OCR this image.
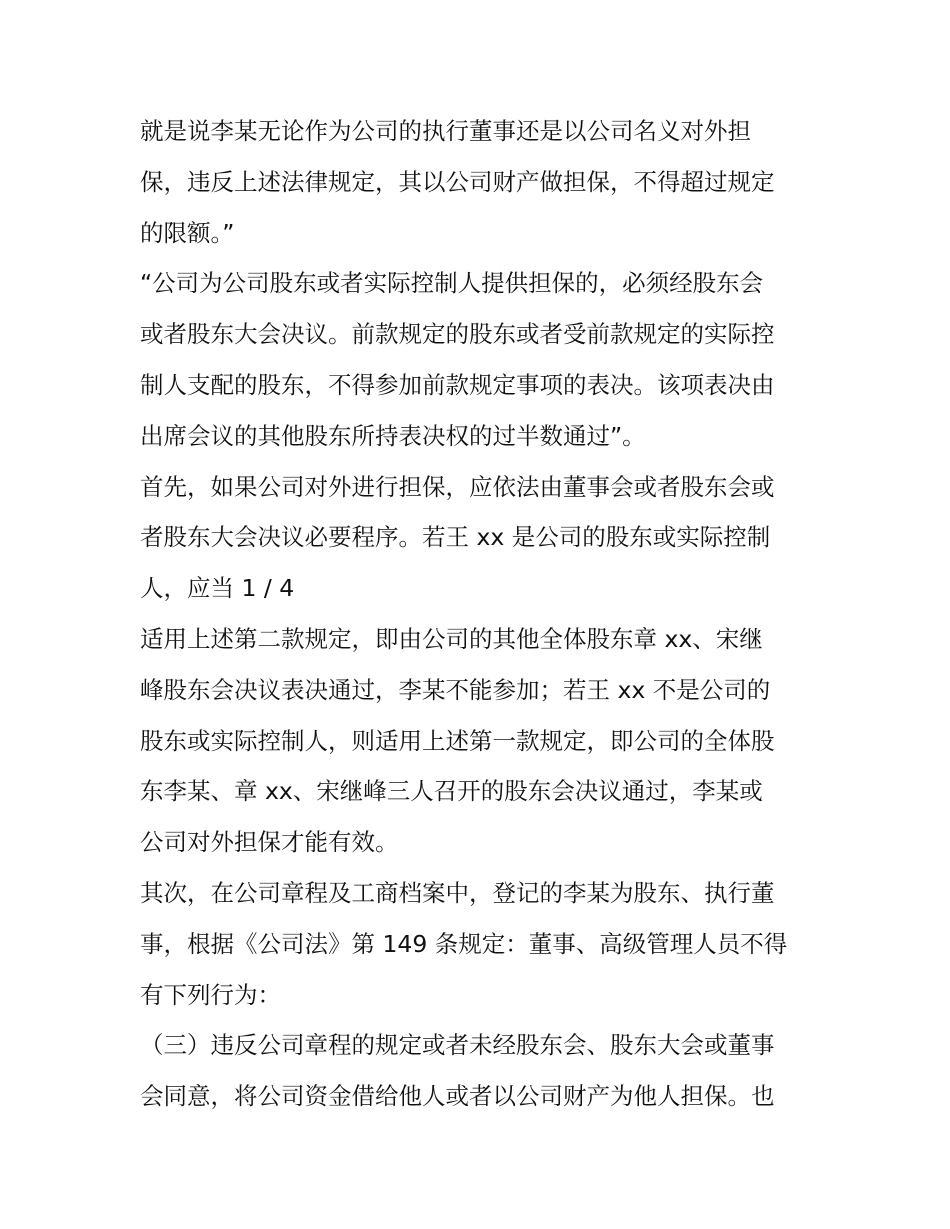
就是说李某无论作为公司的执行董事还是以公司名义对外担
保，违反上述法律规定，其以公司财产做担保，不得超过规定
的限额。”
“公司为公司股东或者实际控制人提供担保的，必须经股东会
或者股东大会决议。前款规定的股东或者受前款规定的实际控
制人支配的股东，不得参加前款规定事项的表决。该项表决由
出席会议的其他股东所持表决权的过半数通过”。
首先，如果公司对外进行担保，应依法由董事会或者股东会或
者股东大会决议必要程序。若王 xx 是公司的股东或实际控制
人，应当 1 / 4
适用上述第二款规定，即由公司的其他全体股东章 xx、宋继
峰股东会决议表决通过，李某不能参加；若王 xx 不是公司的
股东或实际控制人，则适用上述第一款规定，即公司的全体股
东李某、章 xx、宋继峰三人召开的股东会决议通过，李某或
公司对外担保才能有效。
其次，在公司章程及工商档案中，登记的李某为股东、执行董
事，根据《公司法》第 149 条规定：董事、高级管理人员不得
有下列行为：
（三）违反公司章程的规定或者未经股东会、股东大会或董事
会同意，将公司资金借给他人或者以公司财产为他人担保。也
